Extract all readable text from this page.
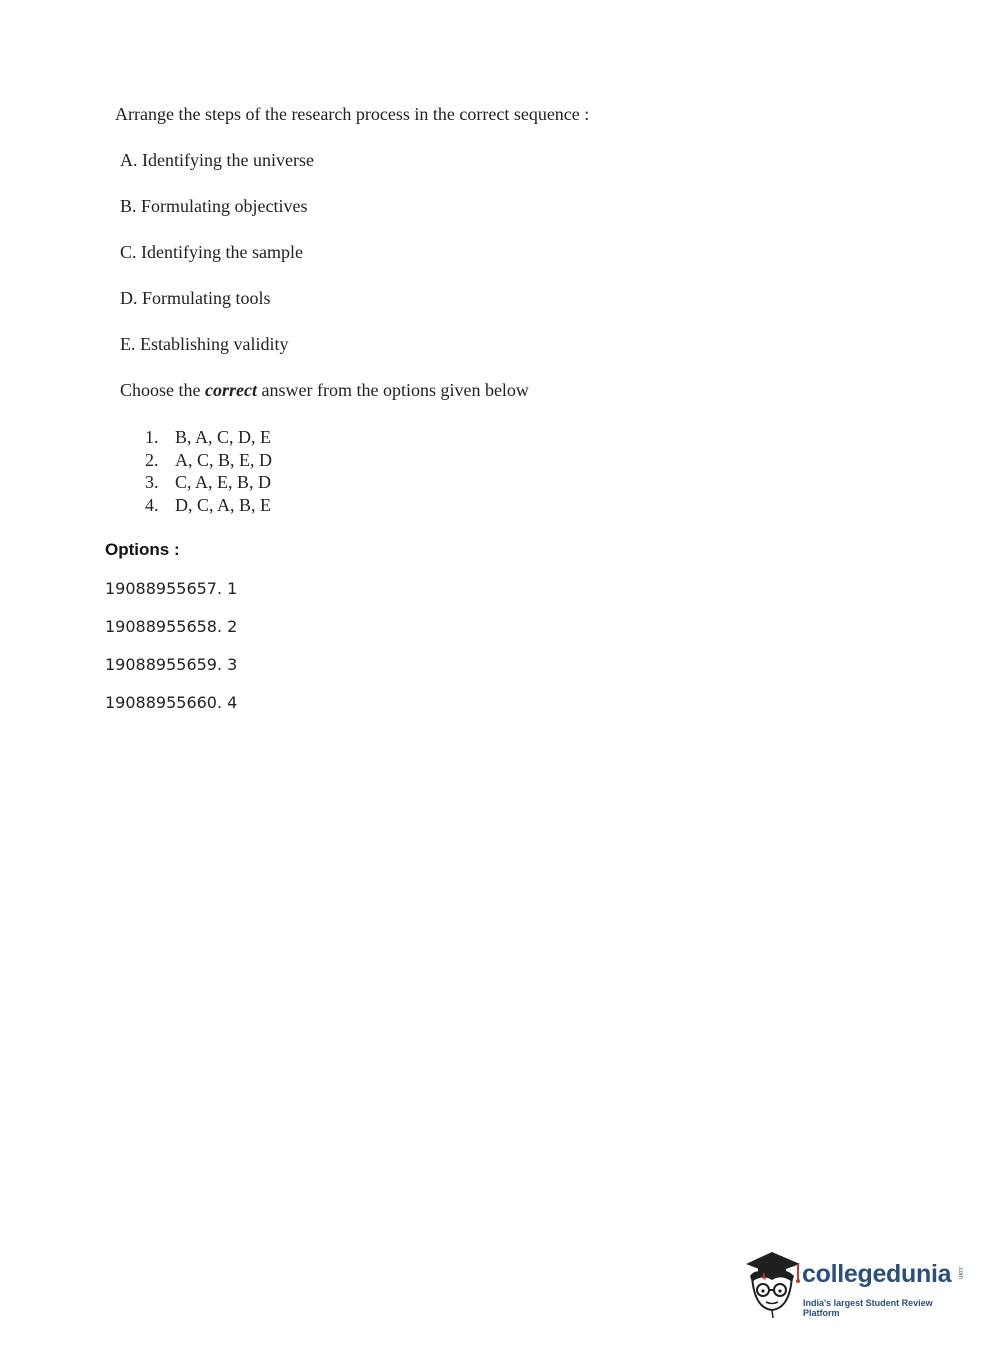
Arrange the steps of the research process in the correct sequence :
A. Identifying the universe
B. Formulating objectives
C. Identifying the sample
D. Formulating tools
E. Establishing validity
Choose the correct answer from the options given below
1. B, A, C, D, E
2. A, C, B, E, D
3. C, A, E, B, D
4. D, C, A, B, E
Options :
19088955657. 1
19088955658. 2
19088955659. 3
19088955660. 4
collegedunia .com
India's largest Student Review Platform
